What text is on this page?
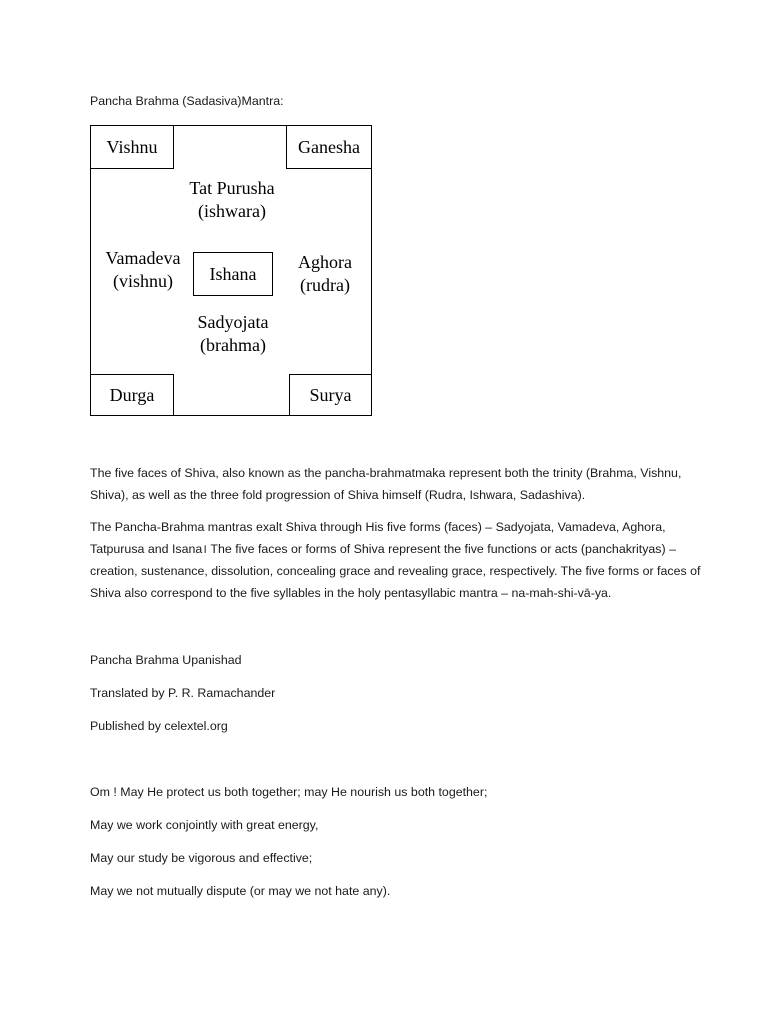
Pancha Brahma (Sadasiva)Mantra:
Vishnu	Ganesha
Durga	Surya
Tat Purusha
(ishwara)
Vamadeva
(vishnu)	Ishana
Aghora
(rudra)
Sadyojata
(brahma)
The five faces of Shiva, also known as the pancha-brahmatmaka represent both the trinity (Brahma, Vishnu, Shiva), as well as the three fold progression of Shiva himself (Rudra, Ishwara, Sadashiva).
The Pancha-Brahma mantras exalt Shiva through His five forms (faces) – Sadyojata, Vamadeva, Aghora, Tatpurusa and Isana। The five faces or forms of Shiva represent the five functions or acts (panchakrityas) – creation, sustenance, dissolution, concealing grace and revealing grace, respectively. The five forms or faces of Shiva also correspond to the five syllables in the holy pentasyllabic mantra – na-mah-shi-vā-ya.
Pancha Brahma Upanishad
Translated by P. R. Ramachander
Published by celextel.org
Om ! May He protect us both together; may He nourish us both together;
May we work conjointly with great energy,
May our study be vigorous and effective;
May we not mutually dispute (or may we not hate any).
